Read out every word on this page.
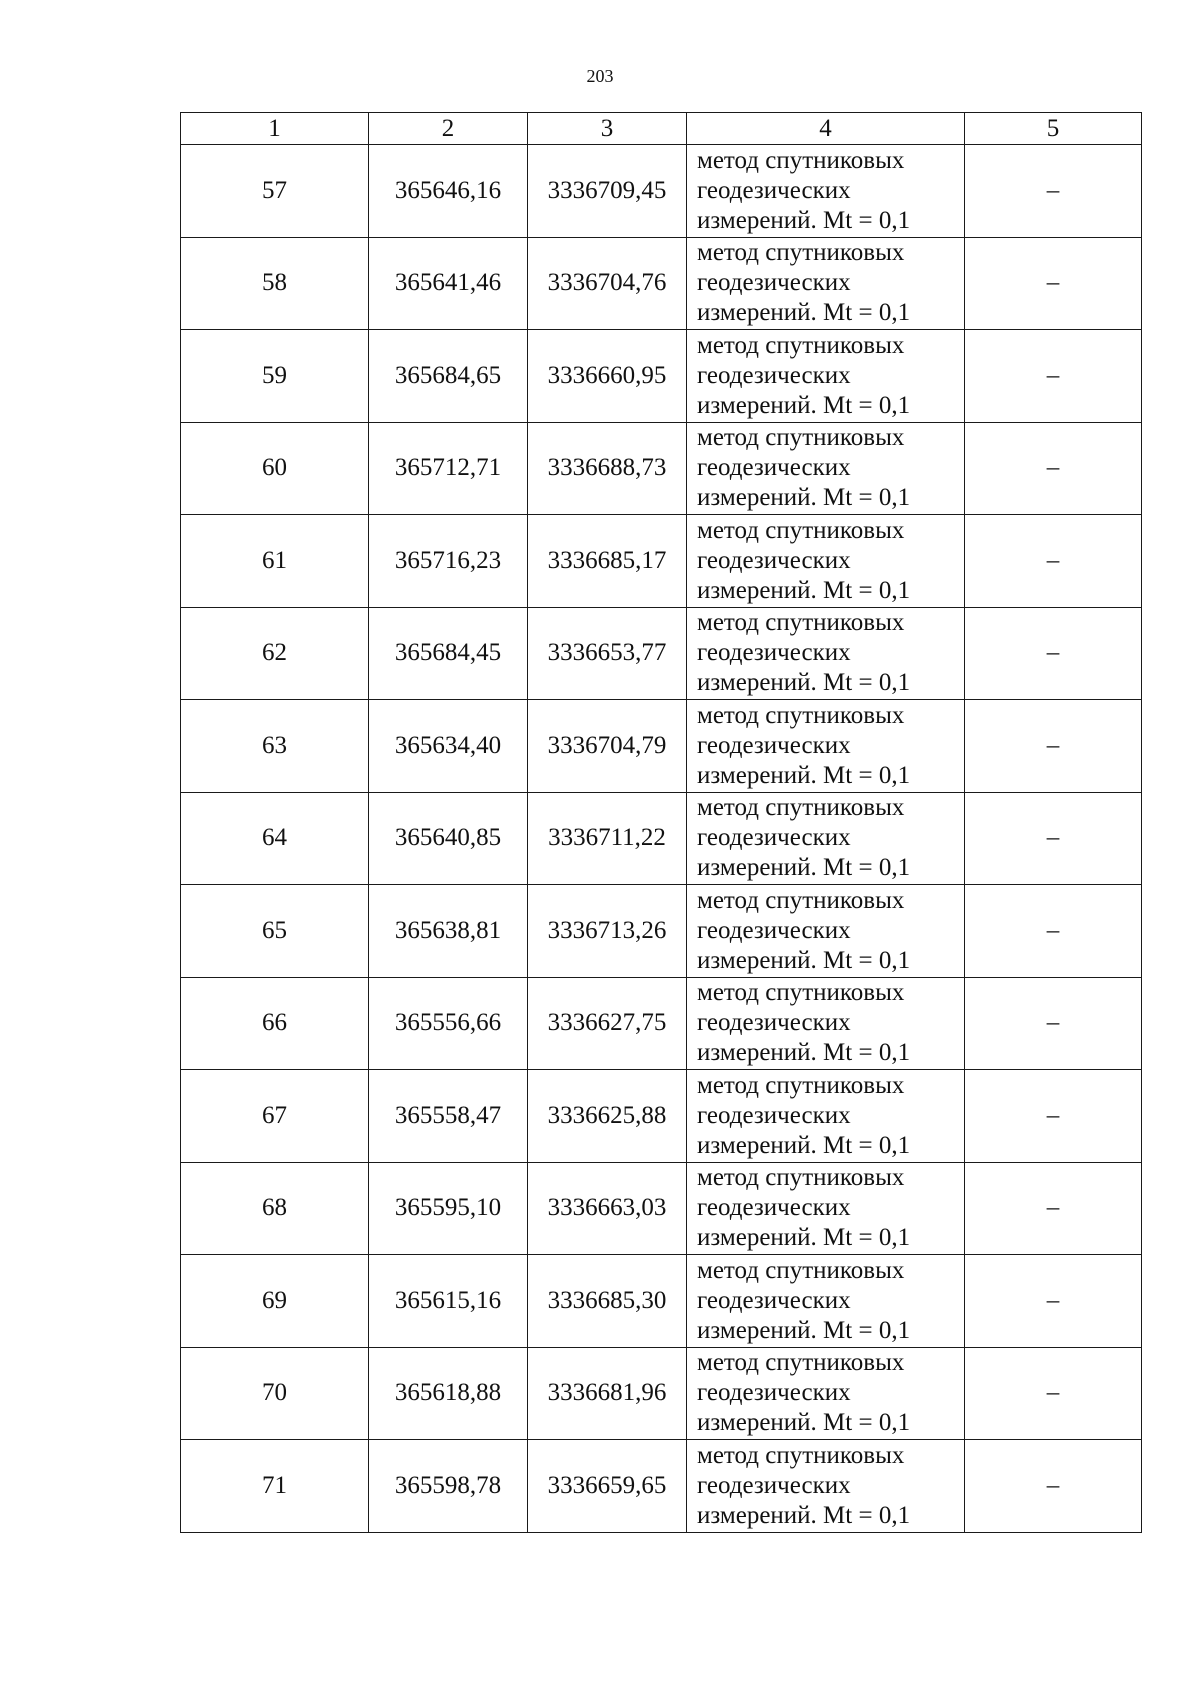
203
1	2	3	4	5
57	365646,16	3336709,45	метод спутниковых
геодезических
измерений. Mt = 0,1	–
58	365641,46	3336704,76	метод спутниковых
геодезических
измерений. Mt = 0,1	–
59	365684,65	3336660,95	метод спутниковых
геодезических
измерений. Mt = 0,1	–
60	365712,71	3336688,73	метод спутниковых
геодезических
измерений. Mt = 0,1	–
61	365716,23	3336685,17	метод спутниковых
геодезических
измерений. Mt = 0,1	–
62	365684,45	3336653,77	метод спутниковых
геодезических
измерений. Mt = 0,1	–
63	365634,40	3336704,79	метод спутниковых
геодезических
измерений. Mt = 0,1	–
64	365640,85	3336711,22	метод спутниковых
геодезических
измерений. Mt = 0,1	–
65	365638,81	3336713,26	метод спутниковых
геодезических
измерений. Mt = 0,1	–
66	365556,66	3336627,75	метод спутниковых
геодезических
измерений. Mt = 0,1	–
67	365558,47	3336625,88	метод спутниковых
геодезических
измерений. Mt = 0,1	–
68	365595,10	3336663,03	метод спутниковых
геодезических
измерений. Mt = 0,1	–
69	365615,16	3336685,30	метод спутниковых
геодезических
измерений. Mt = 0,1	–
70	365618,88	3336681,96	метод спутниковых
геодезических
измерений. Mt = 0,1	–
71	365598,78	3336659,65	метод спутниковых
геодезических
измерений. Mt = 0,1	–
